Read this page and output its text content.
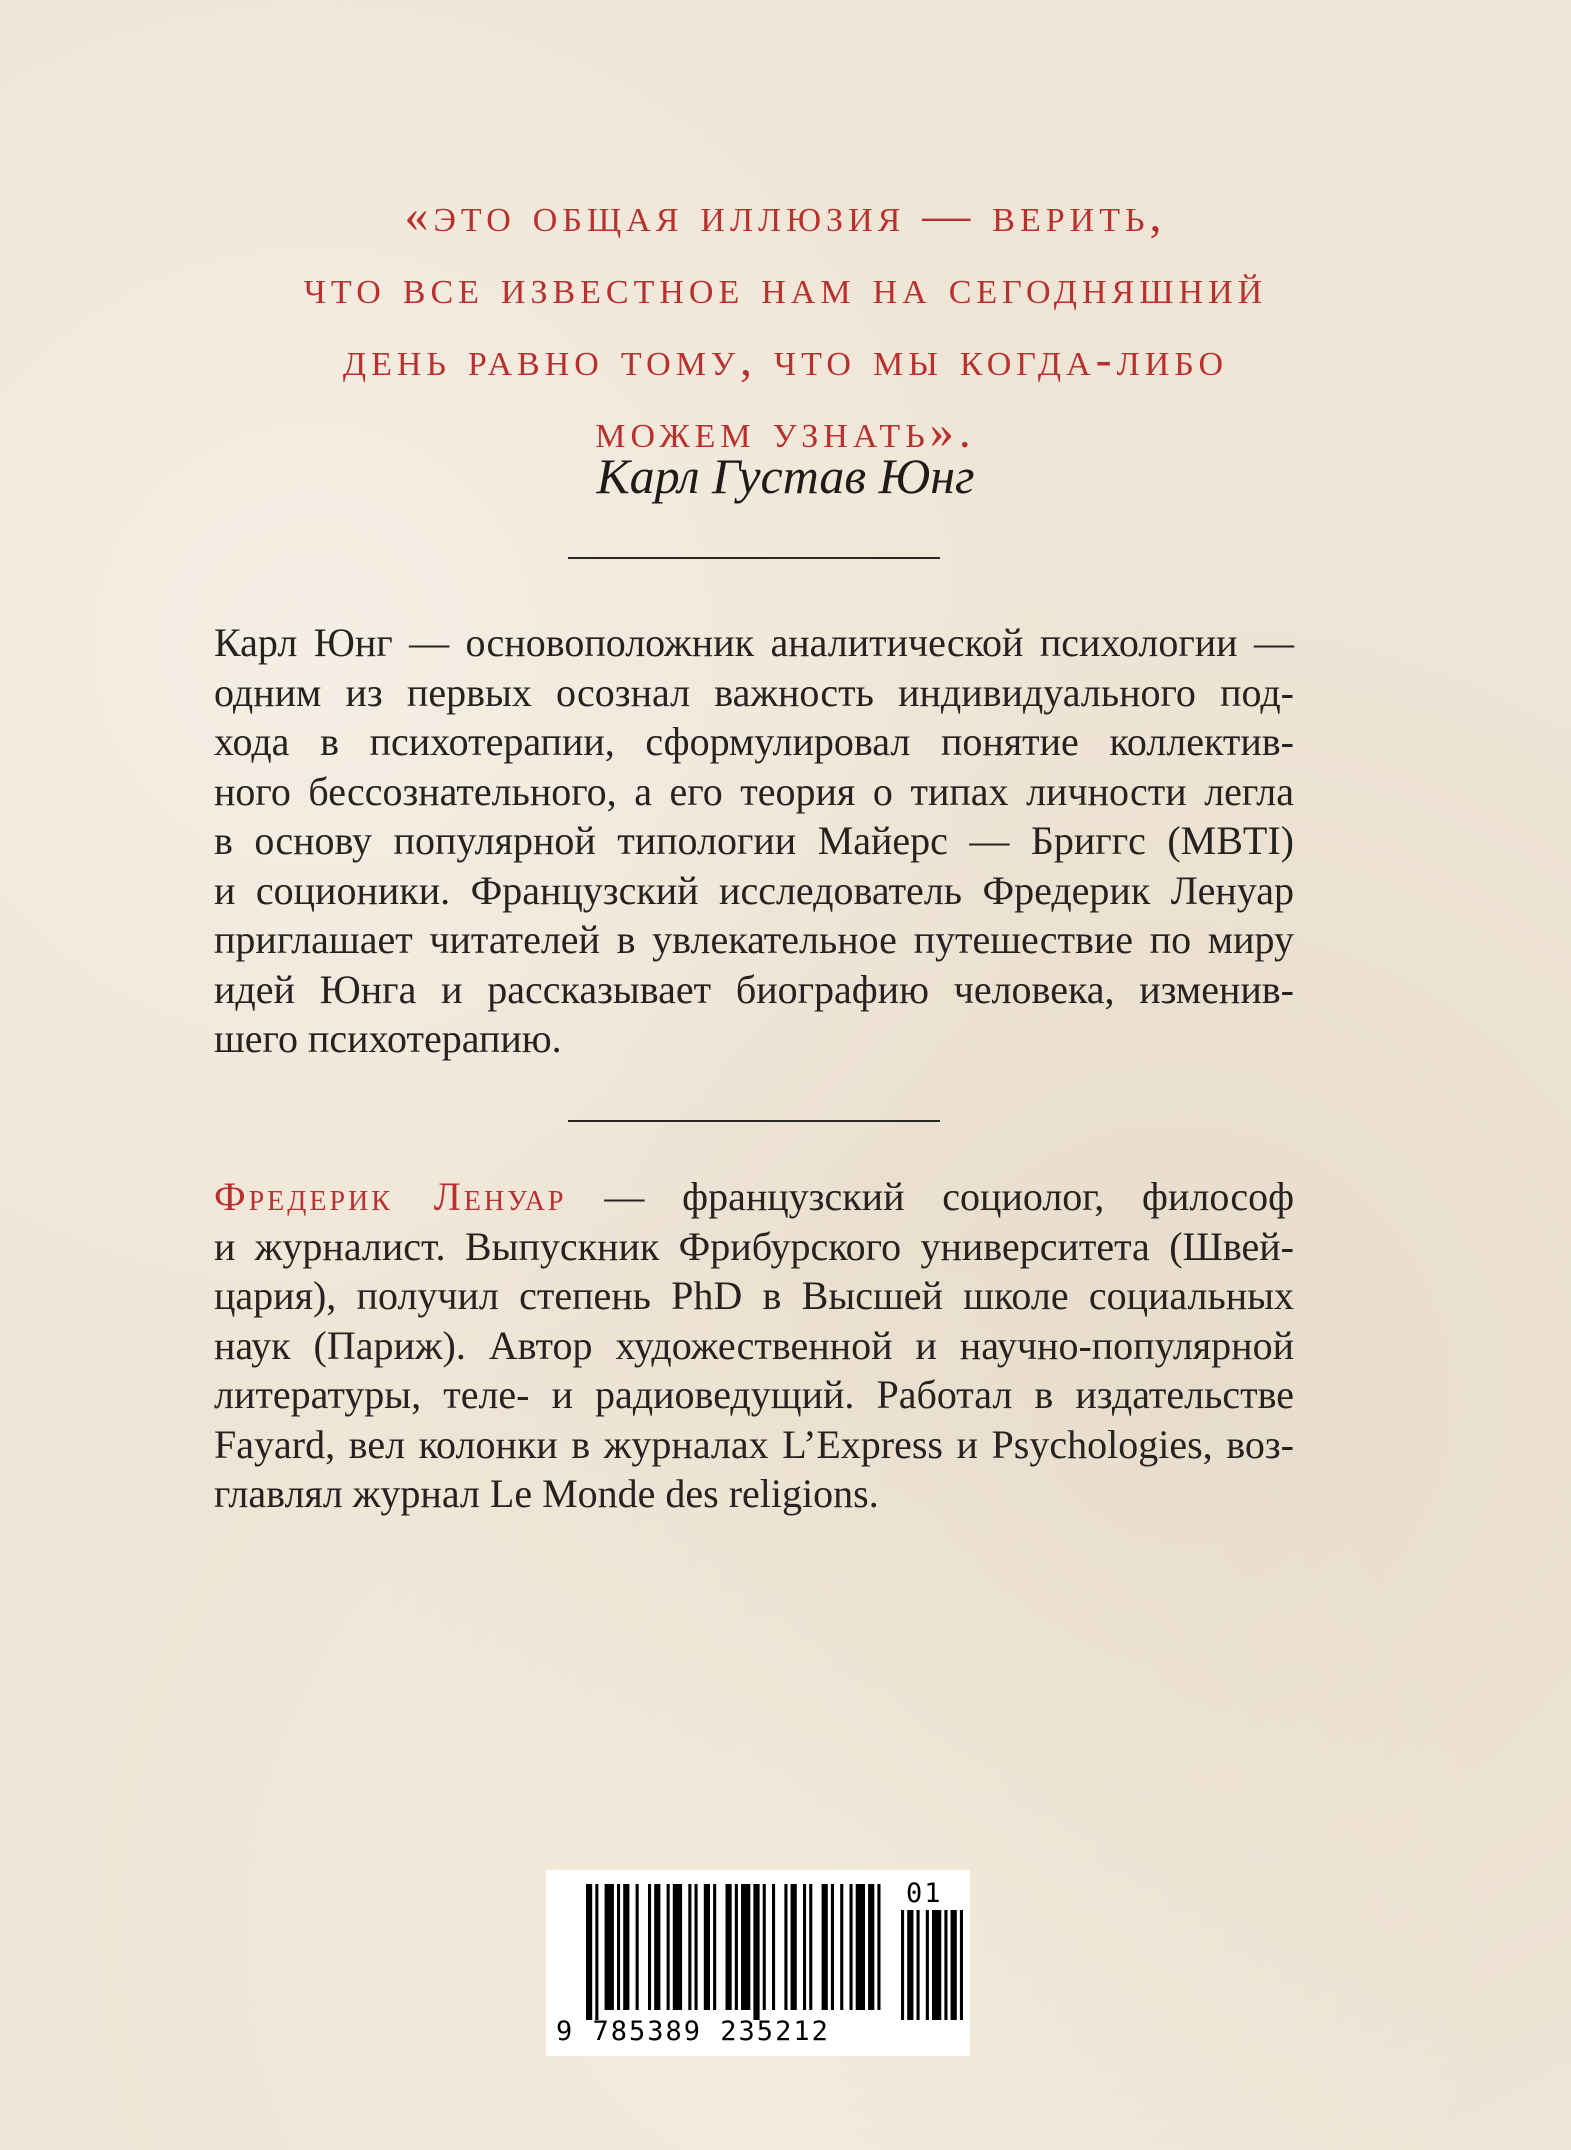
«это общая иллюзия — верить,
что все известное нам на сегодняшний
день равно тому, что мы когда-либо
можем узнать».
Карл Густав Юнг
Карл Юнг — основоположник аналитической психологии —
одним из первых осознал важность индивидуального под-
хода в психотерапии, сформулировал понятие коллектив-
ного бессознательного, а его теория о типах личности легла
в основу популярной типологии Майерс — Бриггс (MBTI)
и соционики. Французский исследователь Фредерик Ленуар
приглашает читателей в увлекательное путешествие по миру
идей Юнга и рассказывает биографию человека, изменив-
шего психотерапию.
Фредерик Ленуар — французский социолог, философ
и журналист. Выпускник Фрибурского университета (Швей-
цария), получил степень PhD в Высшей школе социальных
наук (Париж). Автор художественной и научно-популярной
литературы, теле- и радиоведущий. Работал в издательстве
Fayard, вел колонки в журналах L’Express и Psychologies, воз-
главлял журнал Le Monde des religions.
9 785389 235212
01
